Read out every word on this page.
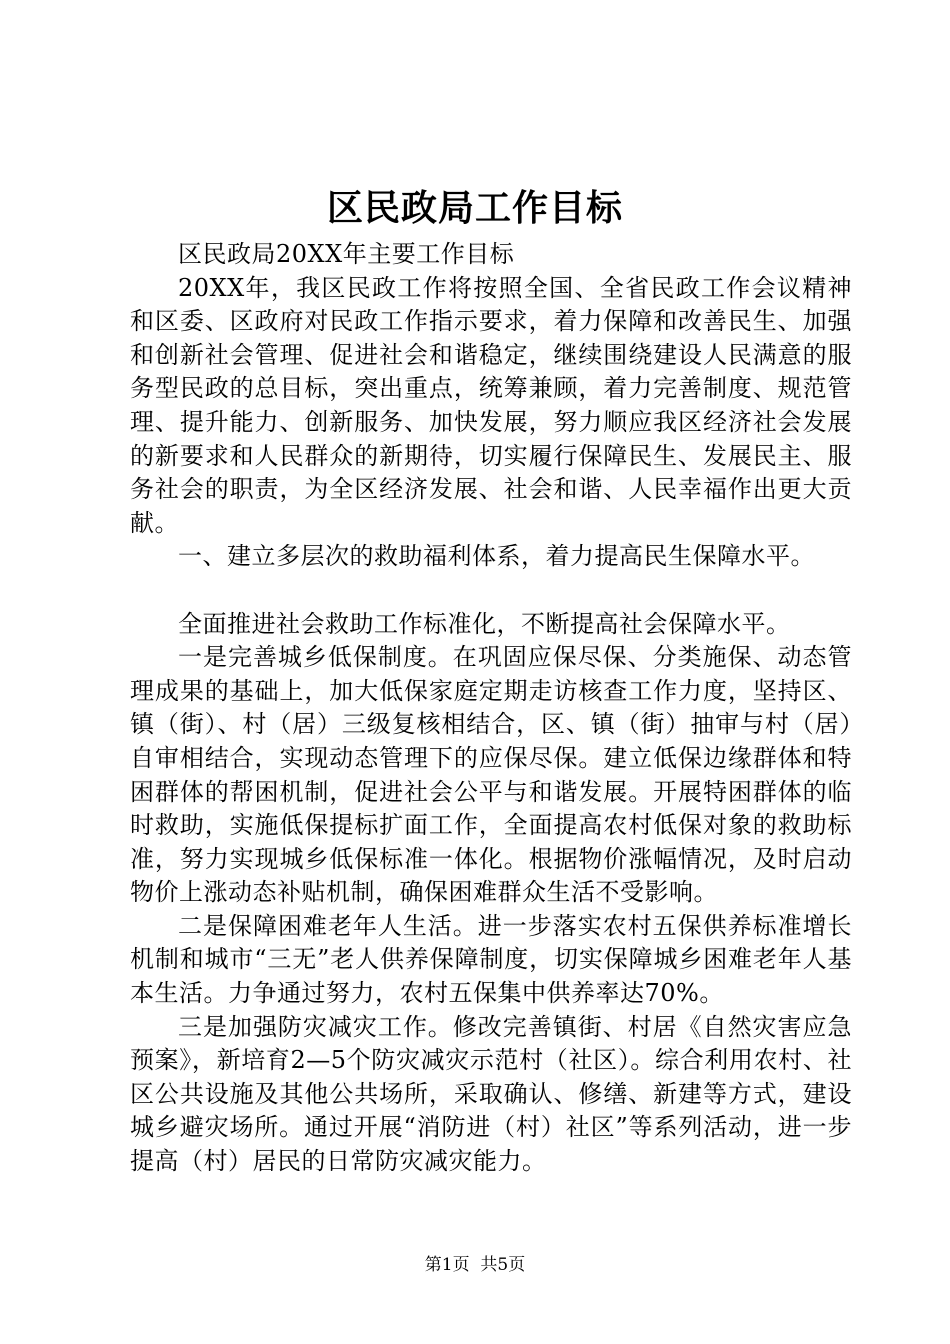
区民政局工作目标

区民政局20XX年主要工作目标

20XX年，我区民政工作将按照全国、全省民政工作会议精神和区委、区政府对民政工作指示要求，着力保障和改善民生、加强和创新社会管理、促进社会和谐稳定，继续围绕建设人民满意的服务型民政的总目标，突出重点，统筹兼顾，着力完善制度、规范管理、提升能力、创新服务、加快发展，努力顺应我区经济社会发展的新要求和人民群众的新期待，切实履行保障民生、发展民主、服务社会的职责，为全区经济发展、社会和谐、人民幸福作出更大贡献。

一、建立多层次的救助福利体系，着力提高民生保障水平。

全面推进社会救助工作标准化，不断提高社会保障水平。

一是完善城乡低保制度。在巩固应保尽保、分类施保、动态管理成果的基础上，加大低保家庭定期走访核查工作力度，坚持区、镇（街）、村（居）三级复核相结合，区、镇（街）抽审与村（居）自审相结合，实现动态管理下的应保尽保。建立低保边缘群体和特困群体的帮困机制，促进社会公平与和谐发展。开展特困群体的临时救助，实施低保提标扩面工作，全面提高农村低保对象的救助标准，努力实现城乡低保标准一体化。根据物价涨幅情况，及时启动物价上涨动态补贴机制，确保困难群众生活不受影响。

二是保障困难老年人生活。进一步落实农村五保供养标准增长机制和城市“三无”老人供养保障制度，切实保障城乡困难老年人基本生活。力争通过努力，农村五保集中供养率达70%。

三是加强防灾减灾工作。修改完善镇街、村居《自然灾害应急预案》，新培育2—5个防灾减灾示范村（社区）。综合利用农村、社区公共设施及其他公共场所，采取确认、修缮、新建等方式，建设城乡避灾场所。通过开展“消防进（村）社区”等系列活动，进一步提高（村）居民的日常防灾减灾能力。

第1页 共5页
